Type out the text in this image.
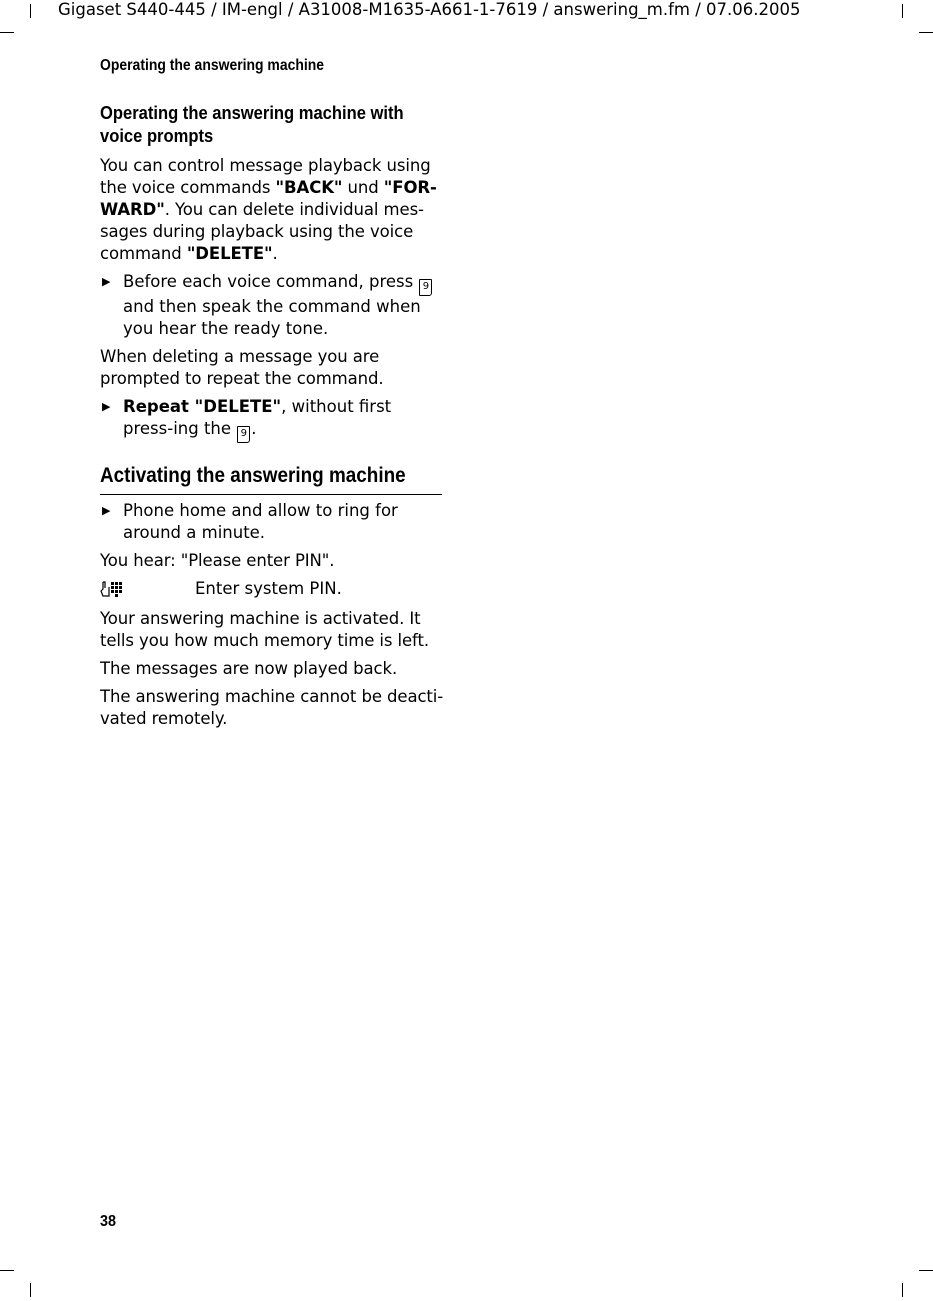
Gigaset S440-445 / IM-engl / A31008-M1635-A661-1-7619 / answering_m.fm / 07.06.2005
Operating the answering machine
Operating the answering machine with voice prompts

You can control message playback using the voice commands "BACK" und "FOR-WARD". You can delete individual mes-sages during playback using the voice command "DELETE".

▶ Before each voice command, press 9 and then speak the command when you hear the ready tone.

When deleting a message you are prompted to repeat the command.

▶ Repeat "DELETE", without first press-ing the 9 .
Activating the answering machine
▶ Phone home and allow to ring for around a minute.

You hear: "Please enter PIN".

Enter system PIN.

Your answering machine is activated. It tells you how much memory time is left.

The messages are now played back.

The answering machine cannot be deacti-vated remotely.

38
